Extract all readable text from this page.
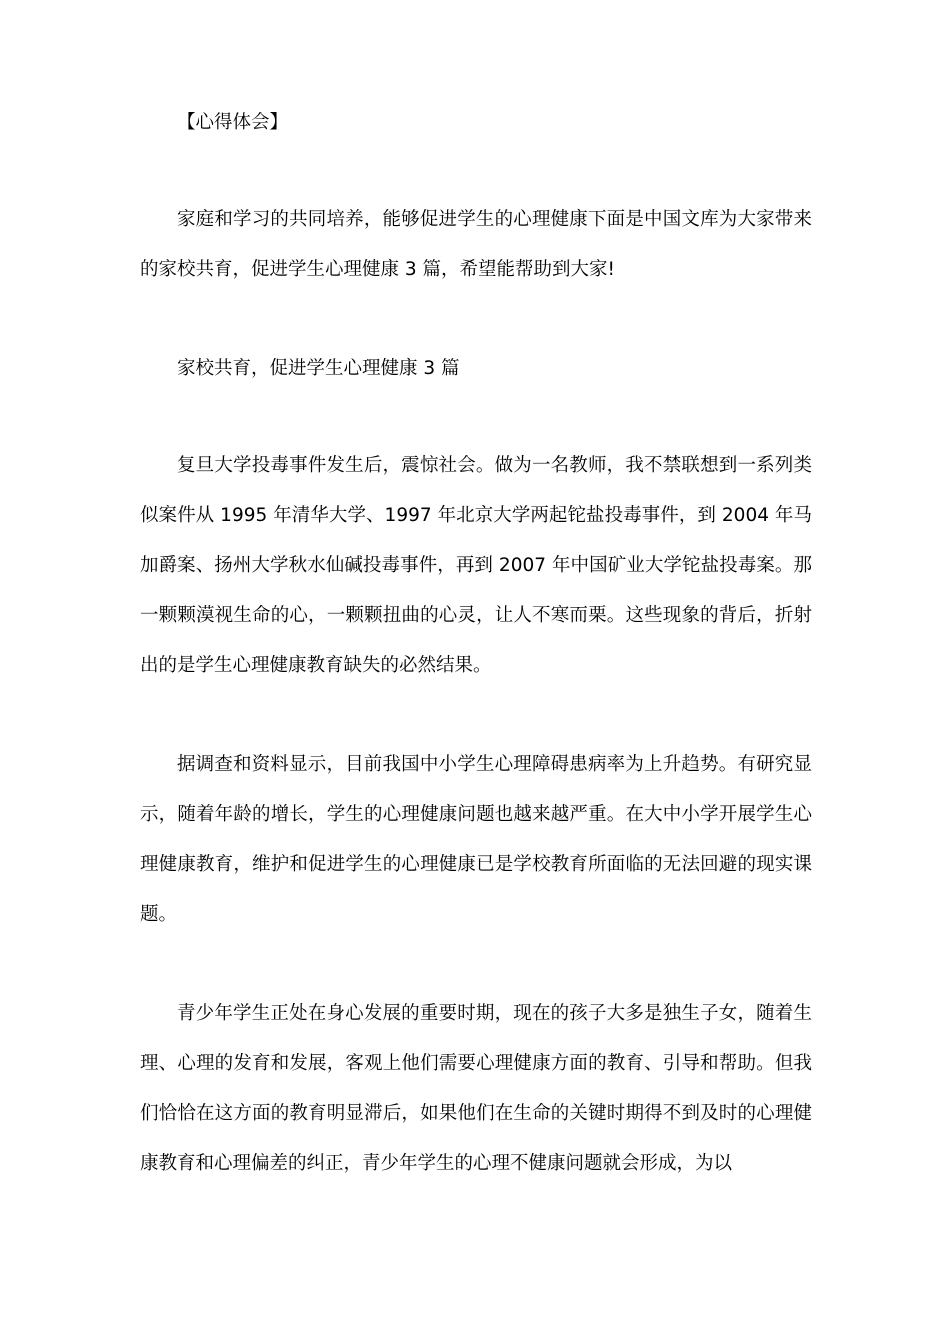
【心得体会】

家庭和学习的共同培养，能够促进学生的心理健康下面是中国文库为大家带来的家校共育，促进学生心理健康 3 篇，希望能帮助到大家!

家校共育，促进学生心理健康 3 篇

复旦大学投毒事件发生后，震惊社会。做为一名教师，我不禁联想到一系列类似案件从 1995 年清华大学、1997 年北京大学两起铊盐投毒事件，到 2004 年马加爵案、扬州大学秋水仙碱投毒事件，再到 2007 年中国矿业大学铊盐投毒案。那一颗颗漠视生命的心，一颗颗扭曲的心灵，让人不寒而栗。这些现象的背后，折射出的是学生心理健康教育缺失的必然结果。

据调查和资料显示，目前我国中小学生心理障碍患病率为上升趋势。有研究显示，随着年龄的增长，学生的心理健康问题也越来越严重。在大中小学开展学生心理健康教育，维护和促进学生的心理健康已是学校教育所面临的无法回避的现实课题。

青少年学生正处在身心发展的重要时期，现在的孩子大多是独生子女，随着生理、心理的发育和发展，客观上他们需要心理健康方面的教育、引导和帮助。但我们恰恰在这方面的教育明显滞后，如果他们在生命的关键时期得不到及时的心理健康教育和心理偏差的纠正，青少年学生的心理不健康问题就会形成，为以
